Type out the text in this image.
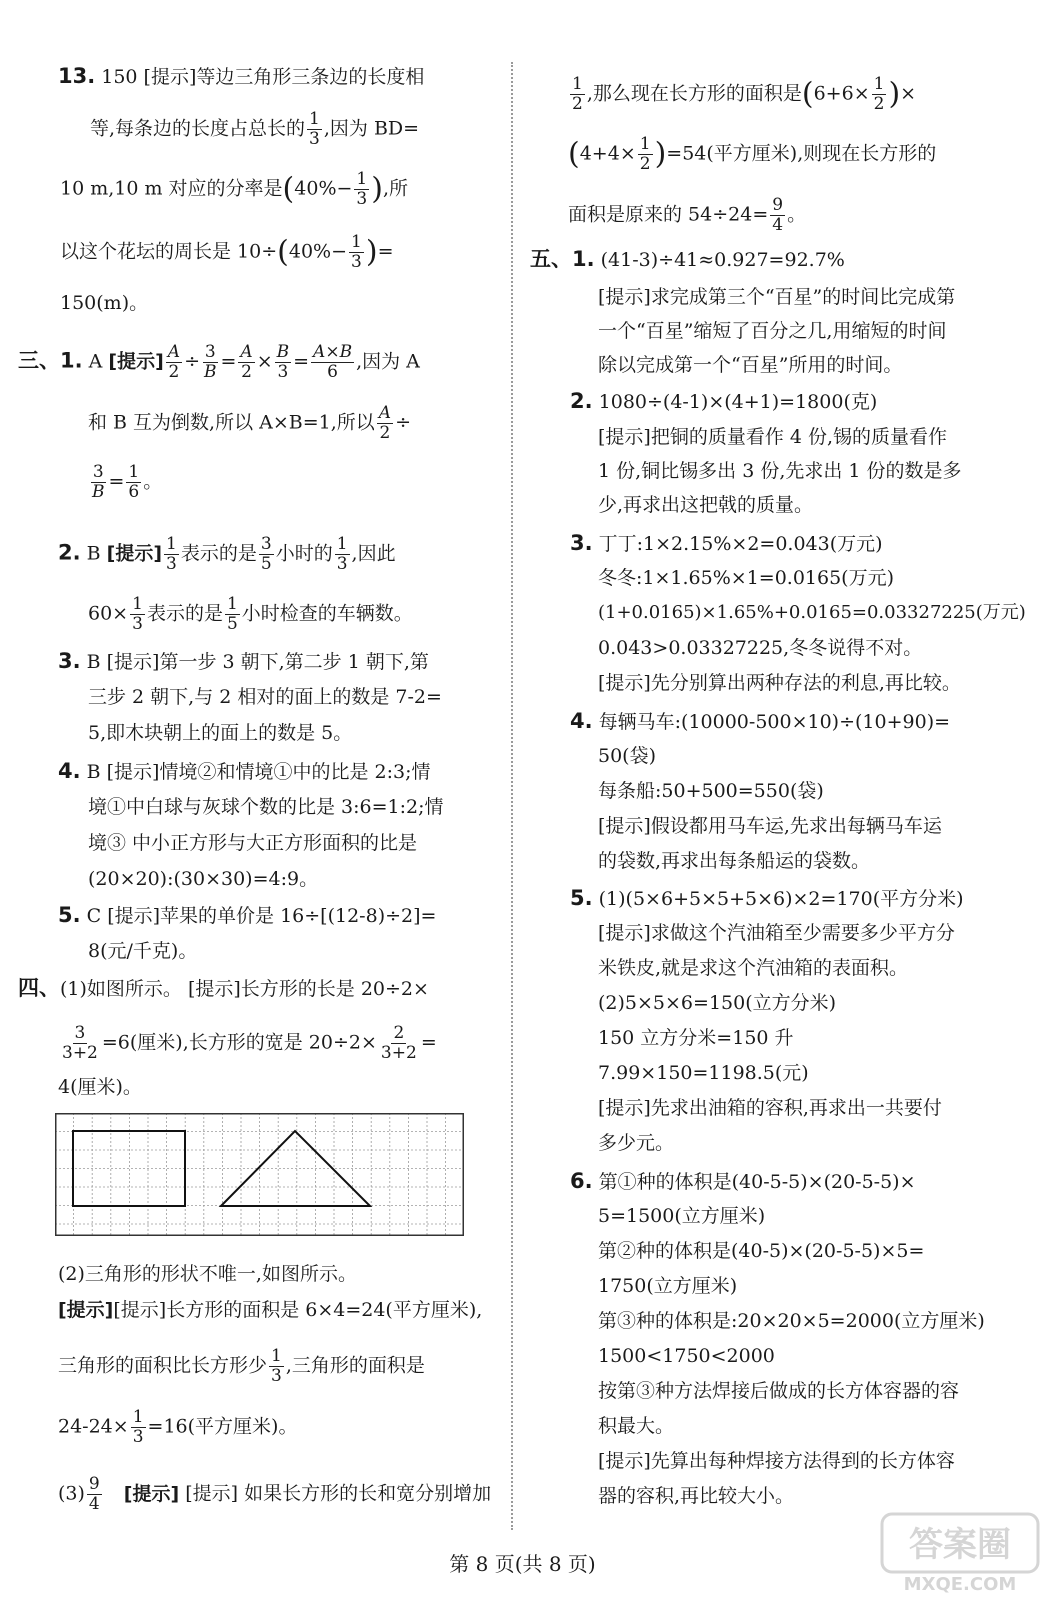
13. 150 [提示]等边三角形三条边的长度相
等,每条边的长度占总长的 $\frac{1}{3}$ ,因为 BD=
10 m,10 m 对应的分率是($40\%- \frac{1}{3}$ ),所
以这个花坛的周长是 $10\div(40\%- \frac{1}{3}$ )=
150(m)。
三、1. A [提示] $\frac{A}{2} \div \frac{3}{B} = \frac{A}{2} \times \frac{B}{3} = \frac{A\times B}{6}$ ,因为 A
和 B 互为倒数,所以 A×B=1,所以 $\frac{A}{2}$ ÷
$\frac{3}{B} = \frac{1}{6}$ 。
2. B [提示] $\frac{1}{3}$ 表示的是 $\frac{3}{5}$ 小时的 $\frac{1}{3}$ ,因此
$60\times \frac{1}{3}$ 表示的是 $\frac{1}{5}$ 小时检查的车辆数。
3. B [提示]第一步 3 朝下,第二步 1 朝下,第
三步 2 朝下,与 2 相对的面上的数是 7-2=
5,即木块朝上的面上的数是 5。
4. B [提示]情境②和情境①中的比是 2:3;情
境①中白球与灰球个数的比是 3:6=1:2;情
境③ 中小正方形与大正方形面积的比是
(20×20):(30×30)=4:9。
5. C [提示]苹果的单价是 16÷[(12-8)÷2]=
8(元/千克)。
四、(1)如图所示。 [提示]长方形的长是 20÷2×
$\frac{3}{3+2} =6$(厘米),长方形的宽是 $20\div 2\times \frac{2}{3+2}$ =
4(厘米)。
(2)三角形的形状不唯一,如图所示。
[提示][提示]长方形的面积是 6×4=24(平方厘米),
三角形的面积比长方形少 $\frac{1}{3}$ ,三角形的面积是
$24-24\times \frac{1}{3} =16$(平方厘米)。
$(3) \frac{9}{4}$ [提示] [提示] 如果长方形的长和宽分别增加
$\frac{1}{2}$ ,那么现在长方形的面积是($6+6\times \frac{1}{2}$ )×
$(4+4\times \frac{1}{2} )=54$(平方厘米),则现在长方形的
面积是原来的 $54\div 24= \frac{9}{4}$ 。
五、1. (41-3)÷41≈0.927=92.7%
[提示]求完成第三个“百星”的时间比完成第
一个“百星”缩短了百分之几,用缩短的时间
除以完成第一个“百星”所用的时间。
2. 1080÷(4-1)×(4+1)=1800(克)
[提示]把铜的质量看作 4 份,锡的质量看作
1 份,铜比锡多出 3 份,先求出 1 份的数是多
少,再求出这把戟的质量。
3. 丁丁:1×2.15%×2=0.043(万元)
冬冬:1×1.65%×1=0.0165(万元)
(1+0.0165)×1.65%+0.0165=0.03327225(万元)
0.043>0.03327225,冬冬说得不对。
[提示]先分别算出两种存法的利息,再比较。
4. 每辆马车:(10000-500×10)÷(10+90)=
50(袋)
每条船:50+500=550(袋)
[提示]假设都用马车运,先求出每辆马车运
的袋数,再求出每条船运的袋数。
5. (1)(5×6+5×5+5×6)×2=170(平方分米)
[提示]求做这个汽油箱至少需要多少平方分
米铁皮,就是求这个汽油箱的表面积。
(2)5×5×6=150(立方分米)
150 立方分米=150 升
7.99×150=1198.5(元)
[提示]先求出油箱的容积,再求出一共要付
多少元。
6. 第①种的体积是(40-5-5)×(20-5-5)×
5=1500(立方厘米)
第②种的体积是(40-5)×(20-5-5)×5=
1750(立方厘米)
第③种的体积是:20×20×5=2000(立方厘米)
1500<1750<2000
按第③种方法焊接后做成的长方体容器的容
积最大。
[提示]先算出每种焊接方法得到的长方体容
器的容积,再比较大小。
第 8 页(共 8 页)	答案圈
MXQE.COM
